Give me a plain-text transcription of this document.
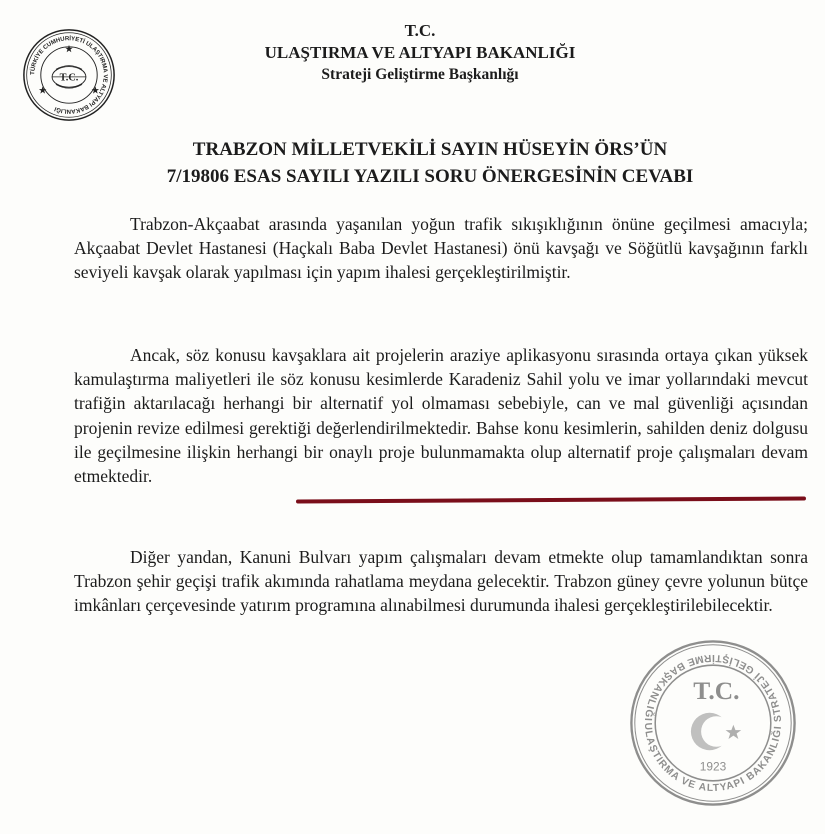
TÜRKİYE CUMHURİYETİ ULAŞTIRMA VE ALTYAPI BAKANLIĞI
T.C.
T.C.
ULAŞTIRMA VE ALTYAPI BAKANLIĞI
Strateji Geliştirme Başkanlığı
TRABZON MİLLETVEKİLİ SAYIN HÜSEYİN ÖRS’ÜN
7/19806 ESAS SAYILI YAZILI SORU ÖNERGESİNİN CEVABI

Trabzon-Akçaabat arasında yaşanılan yoğun trafik sıkışıklığının önüne geçilmesi amacıyla; Akçaabat Devlet Hastanesi (Haçkalı Baba Devlet Hastanesi) önü kavşağı ve Söğütlü kavşağının farklı seviyeli kavşak olarak yapılması için yapım ihalesi gerçekleştirilmiştir.

Ancak, söz konusu kavşaklara ait projelerin araziye aplikasyonu sırasında ortaya çıkan yüksek kamulaştırma maliyetleri ile söz konusu kesimlerde Karadeniz Sahil yolu ve imar yollarındaki mevcut trafiğin aktarılacağı herhangi bir alternatif yol olmaması sebebiyle, can ve mal güvenliği açısından projenin revize edilmesi gerektiği değerlendirilmektedir. Bahse konu kesimlerin, sahilden deniz dolgusu ile geçilmesine ilişkin herhangi bir onaylı proje bulunmamakta olup alternatif proje çalışmaları devam etmektedir.

Diğer yandan, Kanuni Bulvarı yapım çalışmaları devam etmekte olup tamamlandıktan sonra Trabzon şehir geçişi trafik akımında rahatlama meydana gelecektir. Trabzon güney çevre yolunun bütçe imkânları çerçevesinde yatırım programına alınabilmesi durumunda ihalesi gerçekleştirilebilecektir.

ULAŞTIRMA VE ALTYAPI BAKANLIĞI STRATEJİ GELİŞTİRME BAŞKANLIĞI
T.C.
1923
